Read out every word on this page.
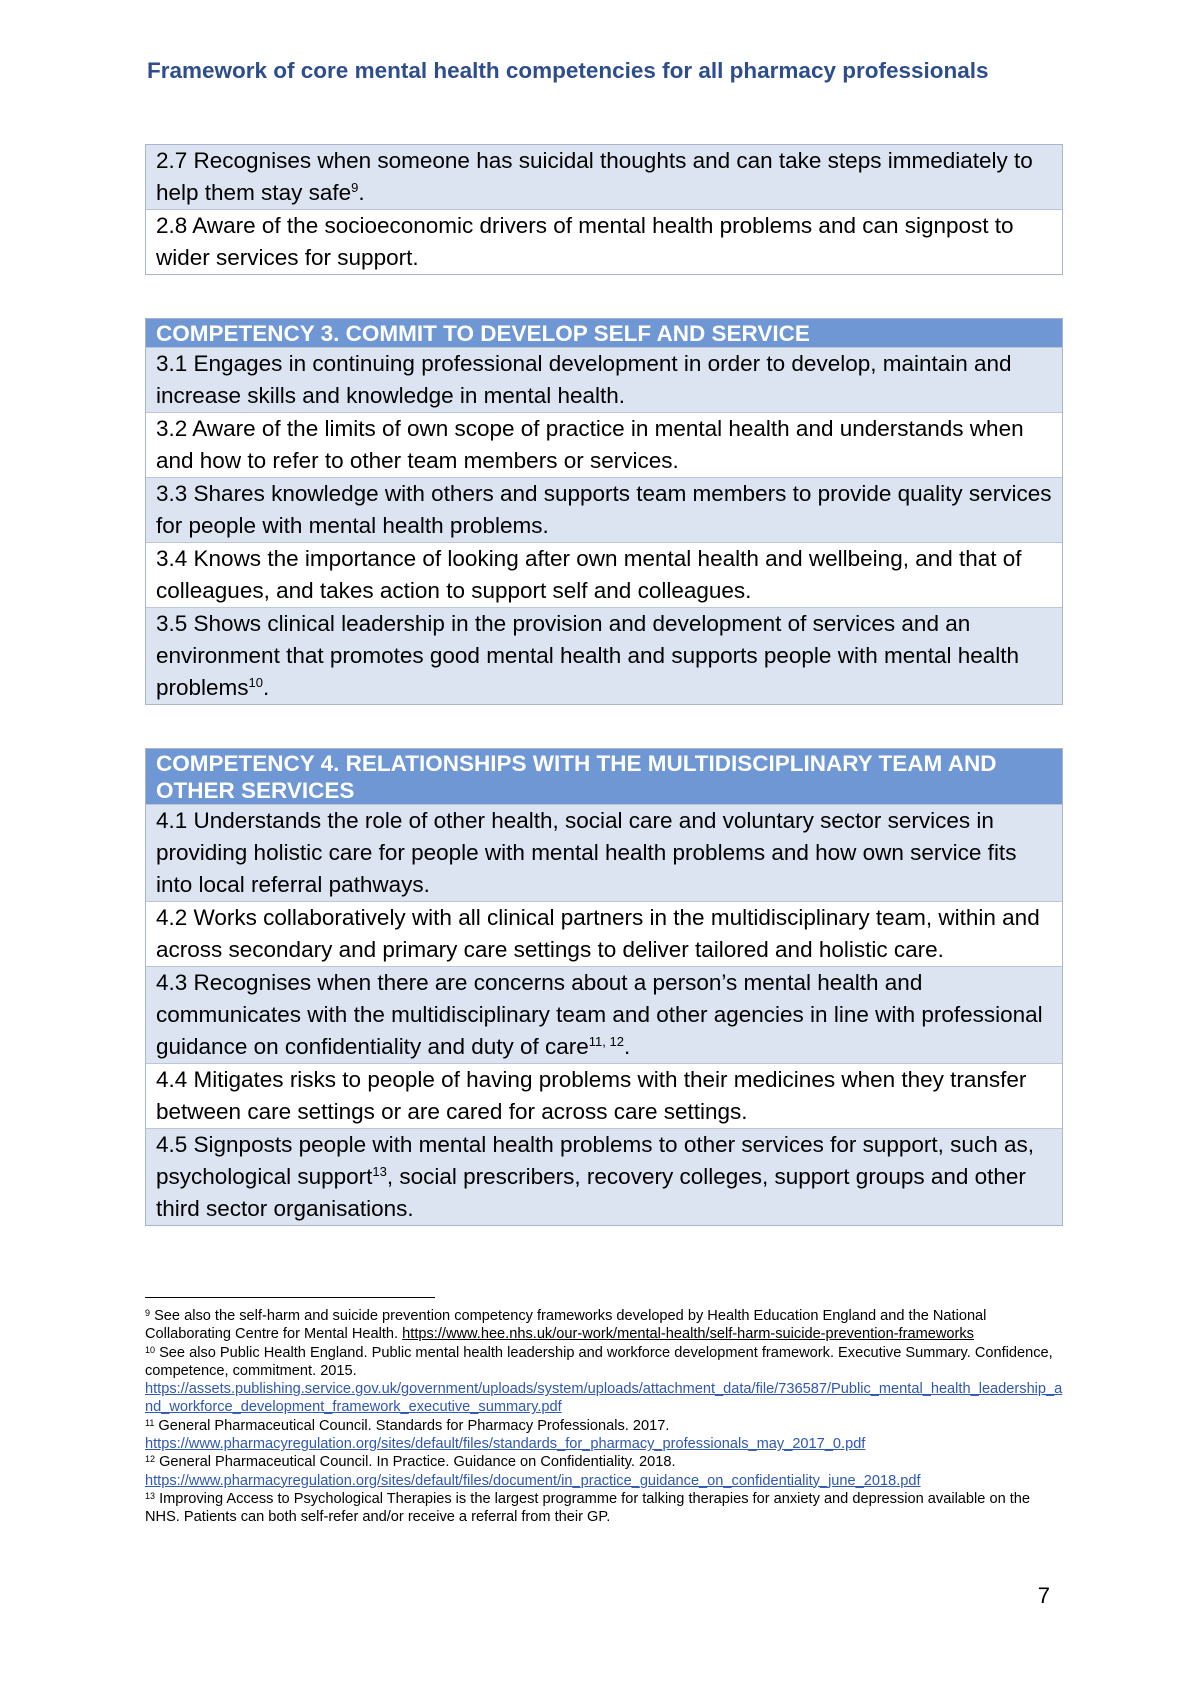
Framework of core mental health competencies for all pharmacy professionals
2.7 Recognises when someone has suicidal thoughts and can take steps immediately to help them stay safe$^9$.
2.8 Aware of the socioeconomic drivers of mental health problems and can signpost to wider services for support.
COMPETENCY 3. COMMIT TO DEVELOP SELF AND SERVICE
3.1 Engages in continuing professional development in order to develop, maintain and increase skills and knowledge in mental health.
3.2 Aware of the limits of own scope of practice in mental health and understands when and how to refer to other team members or services.
3.3 Shares knowledge with others and supports team members to provide quality services for people with mental health problems.
3.4 Knows the importance of looking after own mental health and wellbeing, and that of colleagues, and takes action to support self and colleagues.
3.5 Shows clinical leadership in the provision and development of services and an environment that promotes good mental health and supports people with mental health problems$^{10}$.
COMPETENCY 4. RELATIONSHIPS WITH THE MULTIDISCIPLINARY TEAM AND OTHER SERVICES
4.1 Understands the role of other health, social care and voluntary sector services in providing holistic care for people with mental health problems and how own service fits into local referral pathways.
4.2 Works collaboratively with all clinical partners in the multidisciplinary team, within and across secondary and primary care settings to deliver tailored and holistic care.
4.3 Recognises when there are concerns about a person’s mental health and communicates with the multidisciplinary team and other agencies in line with professional guidance on confidentiality and duty of care$^{11, 12}$.
4.4 Mitigates risks to people of having problems with their medicines when they transfer between care settings or are cared for across care settings.
4.5 Signposts people with mental health problems to other services for support, such as, psychological support$^{13}$, social prescribers, recovery colleges, support groups and other third sector organisations.
$^9$ See also the self-harm and suicide prevention competency frameworks developed by Health Education England and the National Collaborating Centre for Mental Health. https://www.hee.nhs.uk/our-work/mental-health/self-harm-suicide-prevention-frameworks
$^{10}$ See also Public Health England. Public mental health leadership and workforce development framework. Executive Summary. Confidence, competence, commitment. 2015.
https://assets.publishing.service.gov.uk/government/uploads/system/uploads/attachment_data/file/736587/Public_mental_health_leadership_and_workforce_development_framework_executive_summary.pdf
$^{11}$ General Pharmaceutical Council. Standards for Pharmacy Professionals. 2017.
https://www.pharmacyregulation.org/sites/default/files/standards_for_pharmacy_professionals_may_2017_0.pdf
$^{12}$ General Pharmaceutical Council. In Practice. Guidance on Confidentiality. 2018.
https://www.pharmacyregulation.org/sites/default/files/document/in_practice_guidance_on_confidentiality_june_2018.pdf
$^{13}$ Improving Access to Psychological Therapies is the largest programme for talking therapies for anxiety and depression available on the NHS. Patients can both self-refer and/or receive a referral from their GP.
7
